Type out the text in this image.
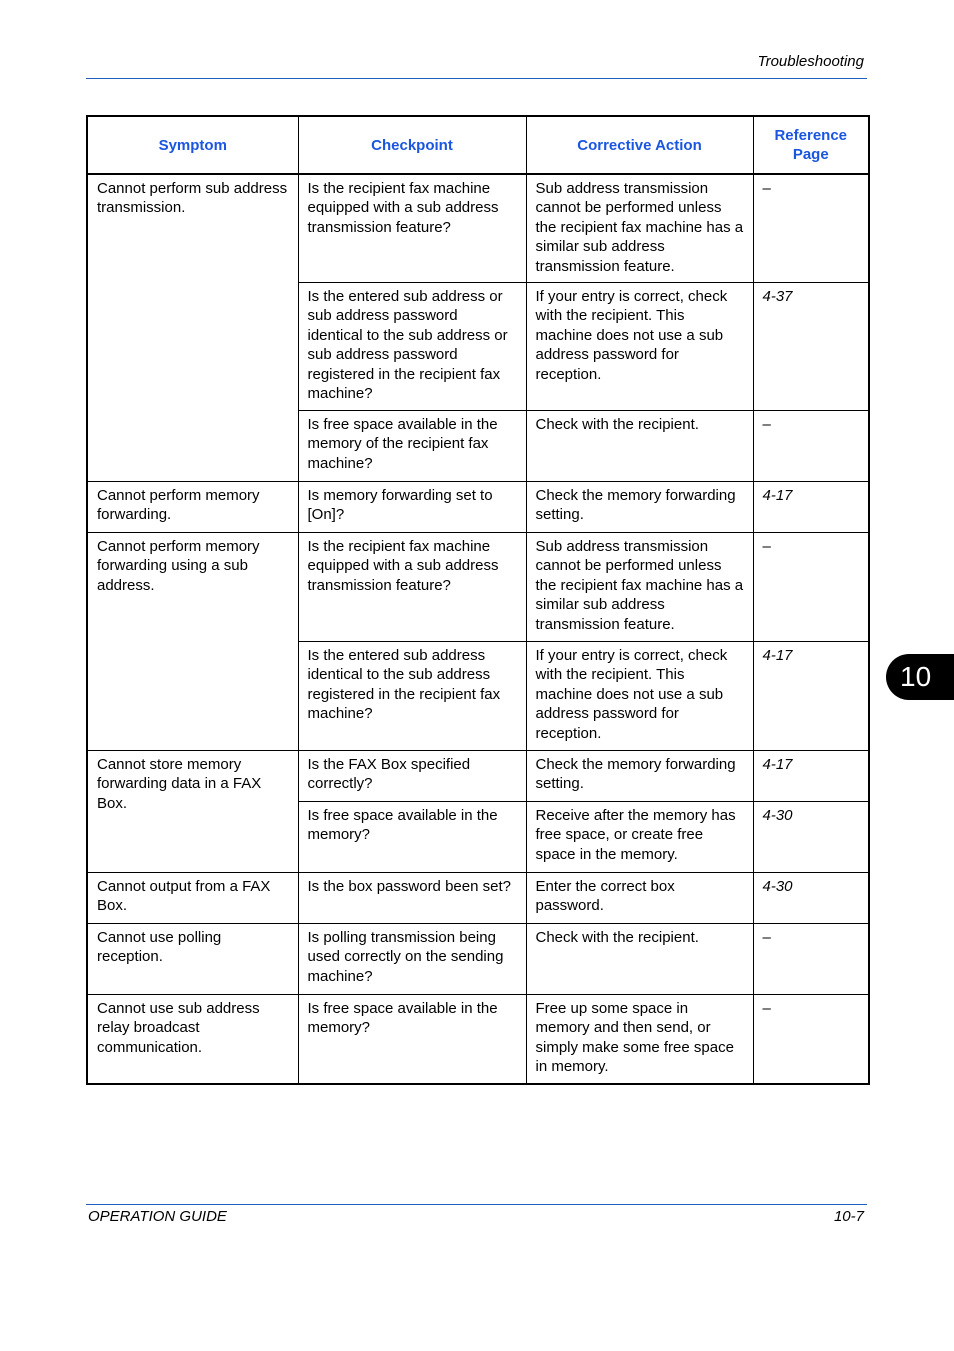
Troubleshooting
Symptom	Checkpoint	Corrective Action	Reference Page
Cannot perform sub address transmission.	Is the recipient fax machine equipped with a sub address transmission feature?	Sub address transmission cannot be performed unless the recipient fax machine has a similar sub address transmission feature.	–
	Is the entered sub address or sub address password identical to the sub address or sub address password registered in the recipient fax machine?	If your entry is correct, check with the recipient. This machine does not use a sub address password for reception.	4-37
	Is free space available in the memory of the recipient fax machine?	Check with the recipient.	–
Cannot perform memory forwarding.	Is memory forwarding set to [On]?	Check the memory forwarding setting.	4-17
Cannot perform memory forwarding using a sub address.	Is the recipient fax machine equipped with a sub address transmission feature?	Sub address transmission cannot be performed unless the recipient fax machine has a similar sub address transmission feature.	–
	Is the entered sub address identical to the sub address registered in the recipient fax machine?	If your entry is correct, check with the recipient. This machine does not use a sub address password for reception.	4-17
Cannot store memory forwarding data in a FAX Box.	Is the FAX Box specified correctly?	Check the memory forwarding setting.	4-17
	Is free space available in the memory?	Receive after the memory has free space, or create free space in the memory.	4-30
Cannot output from a FAX Box.	Is the box password been set?	Enter the correct box password.	4-30
Cannot use polling reception.	Is polling transmission being used correctly on the sending machine?	Check with the recipient.	–
Cannot use sub address relay broadcast communication.	Is free space available in the memory?	Free up some space in memory and then send, or simply make some free space in memory.	–
10
OPERATION GUIDE	10-7
